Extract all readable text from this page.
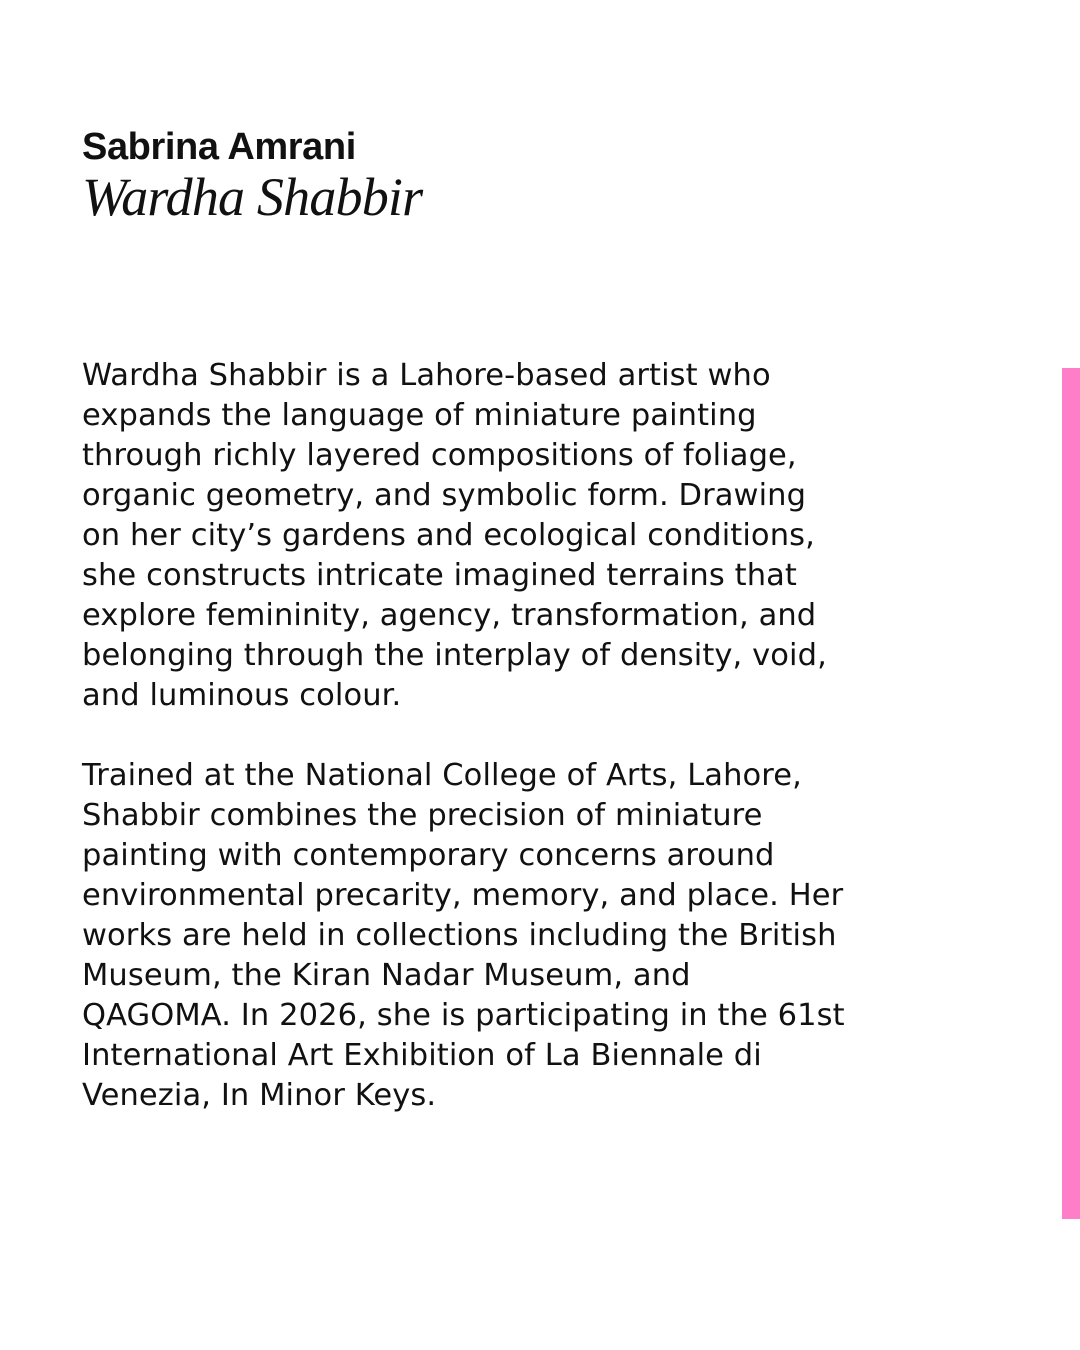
Sabrina Amrani

Wardha Shabbir

Wardha Shabbir is a Lahore-based artist who
expands the language of miniature painting
through richly layered compositions of foliage,
organic geometry, and symbolic form. Drawing
on her city’s gardens and ecological conditions,
she constructs intricate imagined terrains that
explore femininity, agency, transformation, and
belonging through the interplay of density, void,
and luminous colour.

Trained at the National College of Arts, Lahore,
Shabbir combines the precision of miniature
painting with contemporary concerns around
environmental precarity, memory, and place. Her
works are held in collections including the British
Museum, the Kiran Nadar Museum, and
QAGOMA. In 2026, she is participating in the 61st
International Art Exhibition of La Biennale di
Venezia, In Minor Keys.
